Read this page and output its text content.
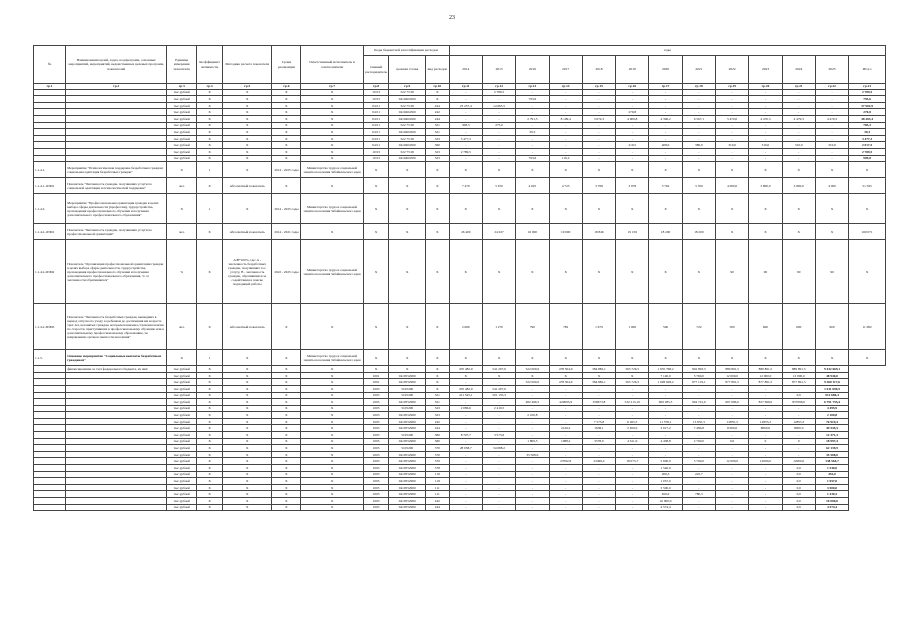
23
№	Наименования целей, задач, подпрограмм, основных мероприятий, мероприятий, ведомственных целевых программ, показателей	Единица измерения показателя	Коэффициент значимости	Методика расчета показателя	Сроки реализации	Ответственный исполнитель и соисполнители	Коды бюджетной классификации расходов			годы												
							главный распорядитель	целевая статья	вид расходов	2014	2015	2016	2017	2018	2019	2020	2021	2022	2023	2024	2025	Итого
гр.1	гр.2	гр.3	гр.4	гр.5	гр.6	гр.7	гр.8	гр.9	гр.10	гр.11	гр.12	гр.13	гр.14	гр.15	гр.16	гр.17	гр.18	гр.19	гр.20	гр.21	гр.22	гр.23
		тыс.рублей	X	X	X	X	10 03	522 75 00	X	-	2 789,5	-	-	-	-	-	-	-	-	-	-	2 789,5
		тыс.рублей	X	X	X	X	10 03	0410404500	X	-	-	793,6	-	-	-	-	-	-	-	-	-	793,6
		тыс.рублей	X	X	X	X	04 01	522 75 00	244	23 237,4	14 665,5	-	-	-	-	-	-	-	-	-	-	37 902,9
		тыс.рублей	X	X	X	X	04 01	0410404500	242	-	-	-	-	-	270,8	-	-	-	-	-	-	270,8
		тыс.рублей	X	X	X	X	04 01	0410404500	244	-	-	2 791,5	8 109,4	3 674,3	4 006,8	4 396,2	6 567,1	5 470,0	4 470,3	4 479,3	4 479,3	48 303,4
		тыс.рублей	X	X	X	X	04 01	522 75 00	321	508,3	275,0	-	-	-	-	-	-	-	-	-	-	783,3
		тыс.рублей	X	X	X	X	04 01	0410404500	321	-	-	39,3	-	-	-	-	-	-	-	-	-	39,3
		тыс.рублей	X	X	X	X	04 01	522 75 00	323	3 477,3	-	-	-	-	-	-	-	-	-	-	-	3 477,3
		тыс.рублей	X	X	X	X	04 01	0410404500	360	-	-	-	-	-	219,5	408,0	380,0	310,0	310,0	310,0	310,0	2 017,5
		тыс.рублей	X	X	X	X	10 03	522 75 00	323	2 789,5	-	-	-	-	-	-	-	-	-	-	-	2 789,5
		тыс.рублей	X	X	X	X	10 03	0410404500	323	-	-	793,6	116,2	-	-	-	-	-	-	-	-	909,8
1.1.4.1.	Мероприятие "Психологическая поддержка безработных граждан; социальная адаптация безработных граждан"	X	1	X	2014 - 2025 годы	Министерство труда и социальной защиты населения Забайкальского края	X	X	X	X	X	X	X	X	X	X	X	X	X	X	X	X
1.1.4.1-1ПМ1	Показатель "Численность граждан, получивших услуги по социальной адаптации и психологической поддержке"	чел.	X	Абсолютный показатель	X	X	X	X	X	7 479	5 670	4 625	4 725	3 768	3 978	3 762	3 769	4 000,0	3 800,0	3 800,0	4 000	51 595
1.1.4.2.	Мероприятие "Профессиональная ориентация граждан в целях выбора сферы деятельности (профессии), трудоустройства, прохождения профессионального обучения и получения дополнительного профессионального образования"	X	1	X	2014 - 2025 годы	Министерство труда и социальной защиты населения Забайкальского края	X	X	X	X	X	X	X	X	X	X	X	X	X	X	X	X
1.1.4.2-1ПМ1	Показатель "Численность граждан, получивших услуги по профессиональной ориентации"	чел.	X	Абсолютный показатель	2014 - 2021 годы	X	X	X	X	26 400	24 027	16 000	19 000	18 846	19 156	18 200	18 200	X	X	X	X	160 071
1.1.4.2-2ПМ2	Показатель "Организация профессиональной ориентации граждан в целях выбора сферы деятельности, трудоустройства, прохождения профессионального обучения и получения дополнительного профессионального образования, % от численности обратившихся"	%	X	А/В*100%, где: А - численность безработных граждан, получивших гос. услугу, В - численность граждан, обратившихся за содействием в поиске подходящей работы	2022 - 2025 годы	Министерство труда и социальной защиты населения Забайкальского края	X	X	X	X	X	X	X	X	X	X	X	90	90	90	90	X
1.1.4.2-3ПМ3	Показатель "Численность безработных граждан, вышедших в период отпуска по уходу за ребенком до достижения им возраста трех лет, незанятых граждан, которым назначена страховая пенсия по старости, приступивших к профессиональному обучению или к дополнительному профессиональному образованию, по направлению органов занятости населения"	чел.	X	Абсолютный показатель	X	X	X	X	X	2 669	1 270	790	782	1 679	1 000	500	720	500	600	600	600	11 082
1.1.5.	Основное мероприятие "Социальные выплаты безработным гражданам"	X	1	X	X	Министерство труда и социальной защиты населения Забайкальского края	X	X	X	X	X	X	X	X	X	X	X	X	X	X	X	X
	финансирование за счет федерального бюджета, из них:	тыс.рублей	X	X	X	X	X	X	X	470 482,9	541 207,6	522 000,0	478 304,9	384 882,1	565 726,5	1 935 768,2	902 893,3	889 891,5	889 891,5	889 891,5	9 432 669,1	
		тыс.рублей	X	X	X	X	1001	0410552900	X	X	X	X	X	X	X	7 140,0	5 760,0	12 000,0	12 000,0	12 000,0	48 940,0	
		тыс.рублей	X	X	X	X	1001	0410552900	X	-	-	522 000,0	478 304,9	384 882,1	565 726,5	1 928 628,2	877 119,1	877 891,5	877 891,5	877 891,5	9 360 117,6	
		тыс.рублей	X	X	X	X	1003	5105290	X	470 482,9	541 207,6	-	-	-	-	-	-	-	-	-	1 011 690,5	
		тыс.рублей	X	X	X	X	1003	5105290	321	411 545,1	501 135,3	-	-	-	-	-	-	-	-	0,0	912 680,4	
		тыс.рублей	X	X	X	X	1003	0410552900	321	-	-	482 466,5	429095,9	356673,8	532 215,10	609 285,3	994 741,0	697 696,0	857 696,0	857096,0	6 791 755,4	
		тыс.рублей	X	X	X	X	1003	5105290	323	2 086,6	2 410,5	-	-	-	-	-	-	-	-	-	4 495,9	
		тыс.рублей	X	X	X	X	1003	0410552900	323	-	-	2 100,8	-	-	-	-	-	-	-	-	2 100,8	
		тыс.рублей	X	X	X	X	1003	0410552900	242	-	-	-	-	7 573,8	6 265,5	11 578,1	13 855,3	12855,3	12855,3	12855,3	76 919,4	
		тыс.рублей	X	X	X	X	1003	0410552900	244	-	-	-	2126,2	1638,1	2 650,0	3 017,2	7 484,8	8 000,0	8000,0	8000,0	49 545,5	
		тыс.рублей	X	X	X	X	1003	5105290	360	8 797,7	3 573,6	-	-	-	-	-	-	-	-	-	12 371,3	
		тыс.рублей	X	X	X	X	1003	0410552900	360	-	-	1 809,5	1988,2	3578,0	4 611,9	4 438,8	2 700,0	0,0	0	0	18 997,4	
		тыс.рублей	X	X	X	X	1003	5105290	370	28 058,7	34 088,2	-	-	-	-	-	-	-	-	-	62 139,9	
		тыс.рублей	X	X	X	X	1003	0410552900	370	-	-	35 508,0	-	-	-	-	-	-	-	-	35 508,0	
		тыс.рублей	X	X	X	X	1003	0410552900	370	-	-	-	27092,6	23496,4	18 075,7	5 600,0	5 700,0	12 000,0	12000,0	12000,0	138 564,7	
		тыс.рублей	X	X	X	X	1003	0410552900	378	-	-	-	-	-	-	1 540,0	-	-	-	0,0	1 540,0	
		тыс.рублей	X	X	X	X	1003	0410552900	119	-	-	-	-	-	-	206,3	245,7	-	-	0,0	452,0	
		тыс.рублей	X	X	X	X	1003	0410552900	119	-	-	-	-	-	-	1 057,0	-	-	-	0,0	1 057,0	
		тыс.рублей	X	X	X	X	1003	0410552900	111	-	-	-	-	-	-	3 500,0	-	-	-	0,0	3 500,0	
		тыс.рублей	X	X	X	X	1003	0410552900	111	-	-	-	-	-	-	650,0	780,3	-	-	0,0	1 430,3	
		тыс.рублей	X	X	X	X	1003	0410552900	242	-	-	-	-	-	-	10 000,0	-	-	-	0,0	10 000,0	
		тыс.рублей	X	X	X	X	1003	0410552900	244	-	-	-	-	-	-	4 574,4	-	-	-	0,0	4 574,4	
